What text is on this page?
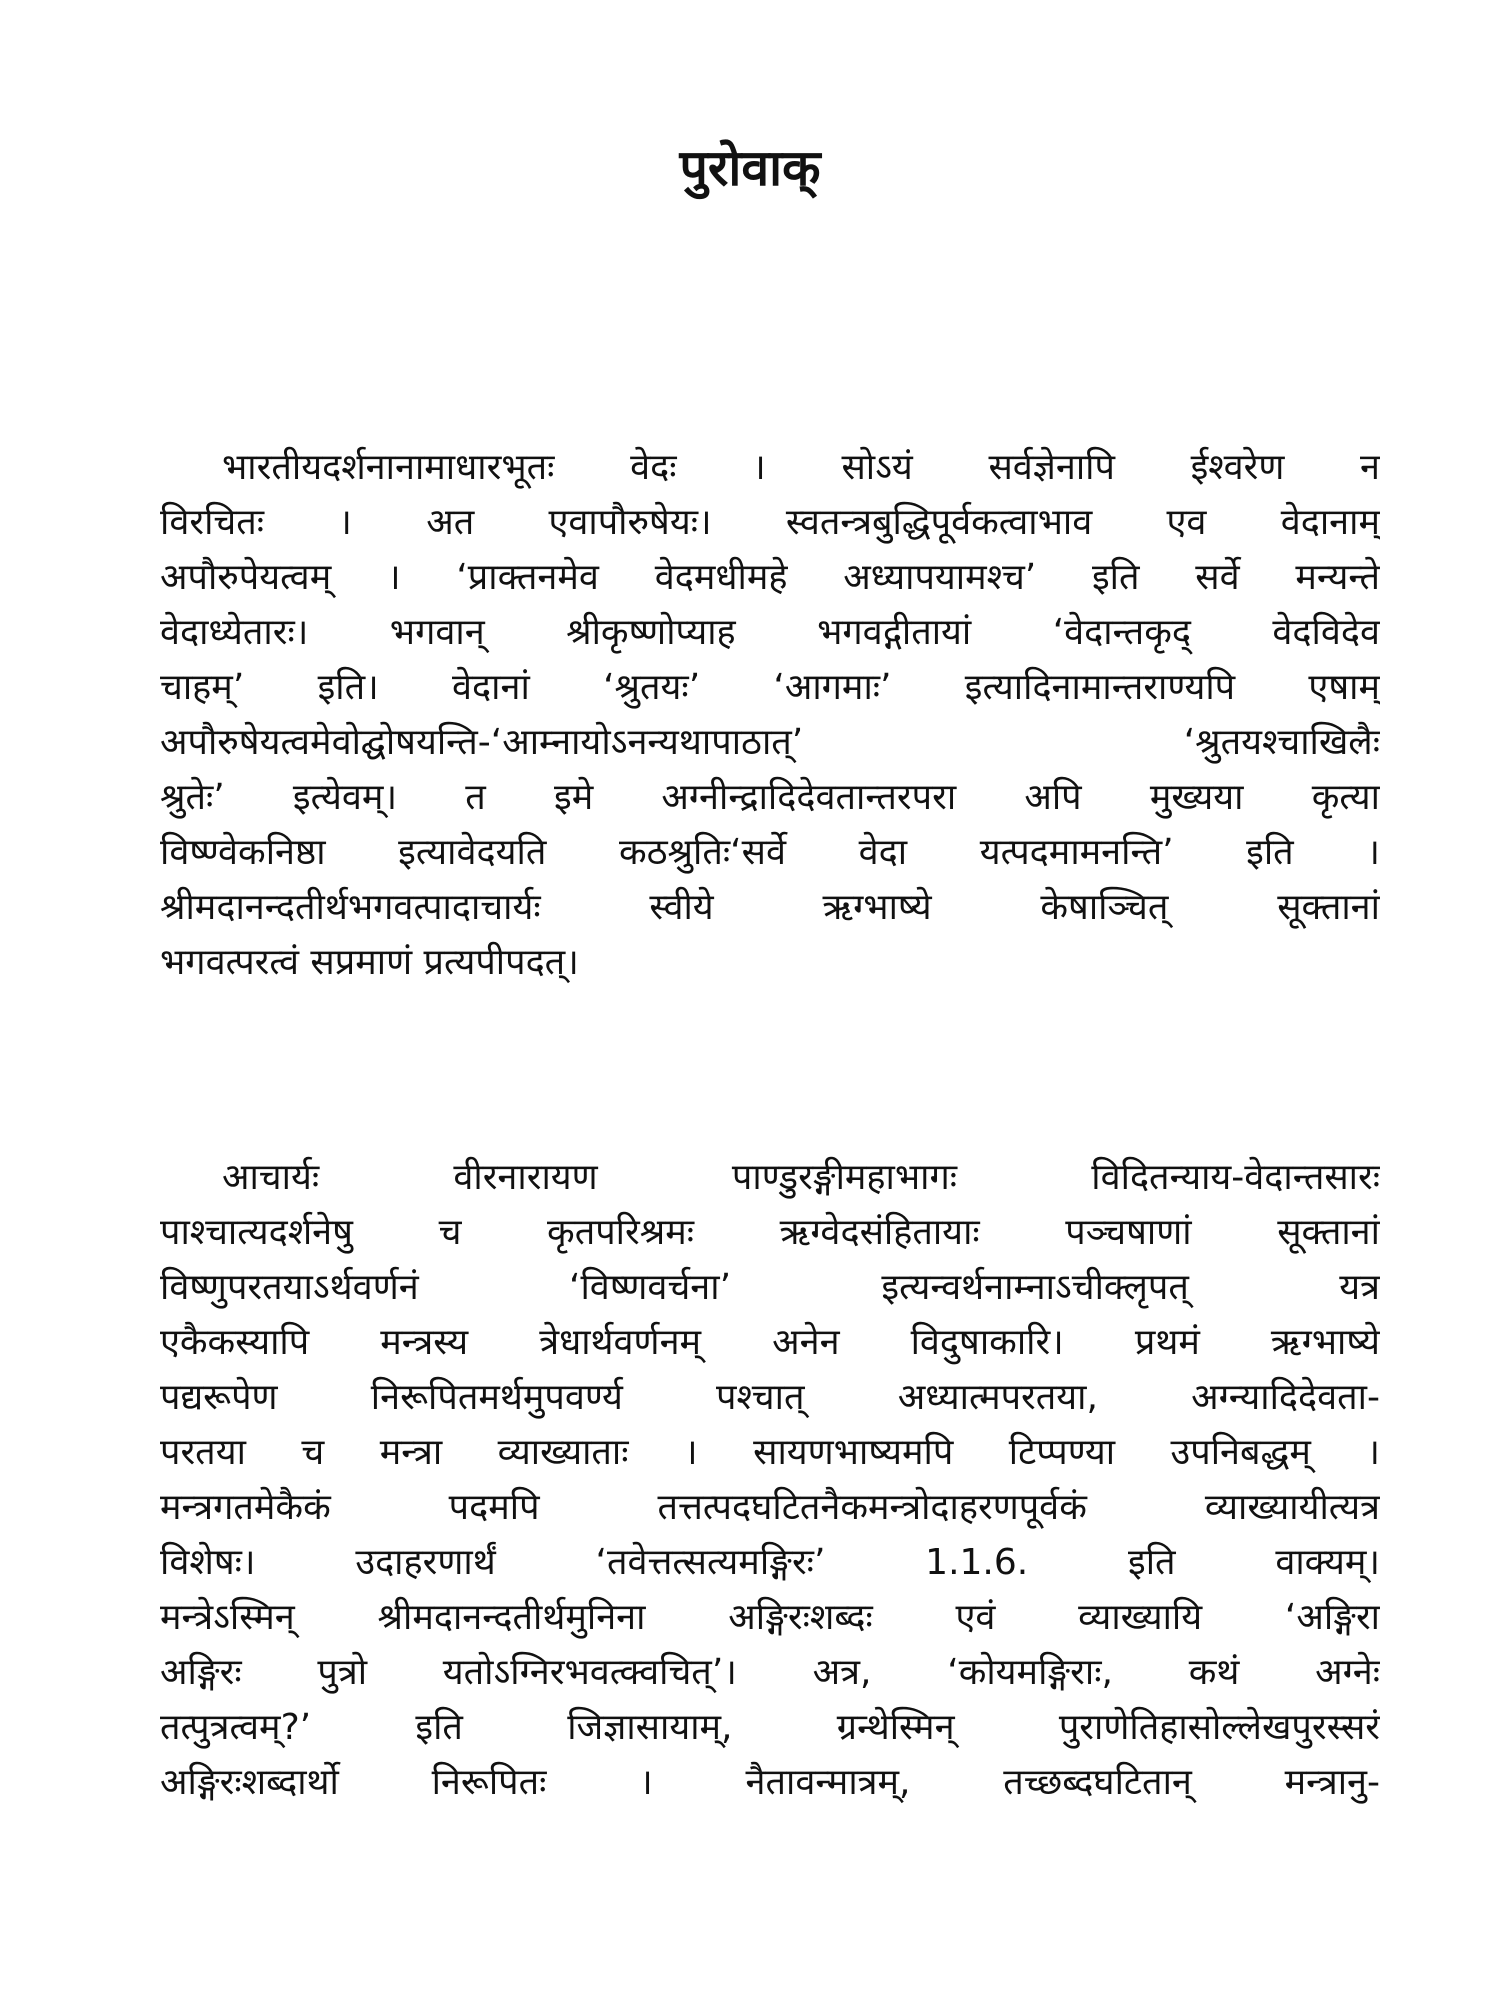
पुरोवाक्
भारतीयदर्शनानामाधारभूतः वेदः । सोऽयं सर्वज्ञेनापि ईश्वरेण न
विरचितः । अत एवापौरुषेयः। स्वतन्त्रबुद्धिपूर्वकत्वाभाव एव वेदानाम्
अपौरुपेयत्वम् । ‘प्राक्तनमेव वेदमधीमहे अध्यापयामश्च’ इति सर्वे मन्यन्ते
वेदाध्येतारः। भगवान् श्रीकृष्णोप्याह भगवद्गीतायां ‘वेदान्तकृद् वेदविदेव
चाहम्’ इति। वेदानां ‘श्रुतयः’ ‘आगमाः’ इत्यादिनामान्तराण्यपि एषाम्
अपौरुषेयत्वमेवोद्घोषयन्ति-‘आम्नायोऽनन्यथापाठात्’ ‘श्रुतयश्चाखिलैः
श्रुतेः’ इत्येवम्। त इमे अग्नीन्द्रादिदेवतान्तरपरा अपि मुख्यया कृत्या
विष्ण्वेकनिष्ठा इत्यावेदयति कठश्रुतिः‘सर्वे वेदा यत्पदमामनन्ति’ इति ।
श्रीमदानन्दतीर्थभगवत्पादाचार्यः स्वीये ऋग्भाष्ये केषाञ्चित् सूक्तानां
भगवत्परत्वं सप्रमाणं प्रत्यपीपदत्।
आचार्यः वीरनारायण पाण्डुरङ्गीमहाभागः विदितन्याय-वेदान्तसारः
पाश्चात्यदर्शनेषु च कृतपरिश्रमः ऋग्वेदसंहितायाः पञ्चषाणां सूक्तानां
विष्णुपरतयाऽर्थवर्णनं ‘विष्णवर्चना’ इत्यन्वर्थनाम्नाऽचीक्लृपत् यत्र
एकैकस्यापि मन्त्रस्य त्रेधार्थवर्णनम् अनेन विदुषाकारि। प्रथमं ऋग्भाष्ये
पद्यरूपेण निरूपितमर्थमुपवर्ण्य पश्चात् अध्यात्मपरतया, अग्न्यादिदेवता-
परतया च मन्त्रा व्याख्याताः । सायणभाष्यमपि टिप्पण्या उपनिबद्धम् ।
मन्त्रगतमेकैकं पदमपि तत्तत्पदघटितनैकमन्त्रोदाहरणपूर्वकं व्याख्यायीत्यत्र
विशेषः। उदाहरणार्थं ‘तवेत्तत्सत्यमङ्गिरः’ 1.1.6. इति वाक्यम्।
मन्त्रेऽस्मिन् श्रीमदानन्दतीर्थमुनिना अङ्गिरःशब्दः एवं व्याख्यायि ‘अङ्गिरा
अङ्गिरः पुत्रो यतोऽग्निरभवत्क्वचित्’। अत्र, ‘कोयमङ्गिराः, कथं अग्नेः
तत्पुत्रत्वम्?’ इति जिज्ञासायाम्, ग्रन्थेस्मिन् पुराणेतिहासोल्लेखपुरस्सरं
अङ्गिरःशब्दार्थो निरूपितः । नैतावन्मात्रम्, तच्छब्दघटितान् मन्त्रानु-
